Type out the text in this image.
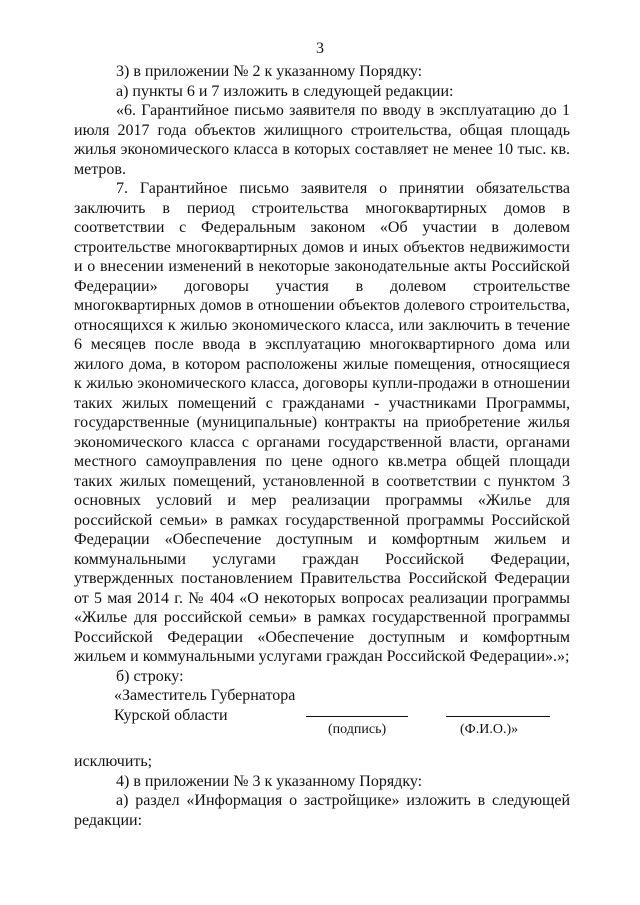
3

3) в приложении № 2 к указанному Порядку:

а) пункты 6 и 7 изложить в следующей редакции:

«6. Гарантийное письмо заявителя по вводу в эксплуатацию до 1 июля 2017 года объектов жилищного строительства, общая площадь жилья экономического класса в которых составляет не менее 10 тыс. кв. метров.

7. Гарантийное письмо заявителя о принятии обязательства заключить в период строительства многоквартирных домов в соответствии с Федеральным законом «Об участии в долевом строительстве многоквартирных домов и иных объектов недвижимости и о внесении изменений в некоторые законодательные акты Российской Федерации» договоры участия в долевом строительстве многоквартирных домов в отношении объектов долевого строительства, относящихся к жилью экономического класса, или заключить в течение 6 месяцев после ввода в эксплуатацию многоквартирного дома или жилого дома, в котором расположены жилые помещения, относящиеся к жилью экономического класса, договоры купли-продажи в отношении таких жилых помещений с гражданами - участниками Программы, государственные (муниципальные) контракты на приобретение жилья экономического класса с органами государственной власти, органами местного самоуправления по цене одного кв.метра общей площади таких жилых помещений, установленной в соответствии с пунктом 3 основных условий и мер реализации программы «Жилье для российской семьи» в рамках государственной программы Российской Федерации «Обеспечение доступным и комфортным жильем и коммунальными услугами граждан Российской Федерации, утвержденных постановлением Правительства Российской Федерации от 5 мая 2014 г. № 404 «О некоторых вопросах реализации программы «Жилье для российской семьи» в рамках государственной программы Российской Федерации «Обеспечение доступным и комфортным жильем и коммунальными услугами граждан Российской Федерации».»;

б) строку:

«Заместитель Губернатора
Курской области
(подпись)	(Ф.И.О.)»

исключить;

4) в приложении № 3 к указанному Порядку:

а) раздел «Информация о застройщике» изложить в следующей редакции:
